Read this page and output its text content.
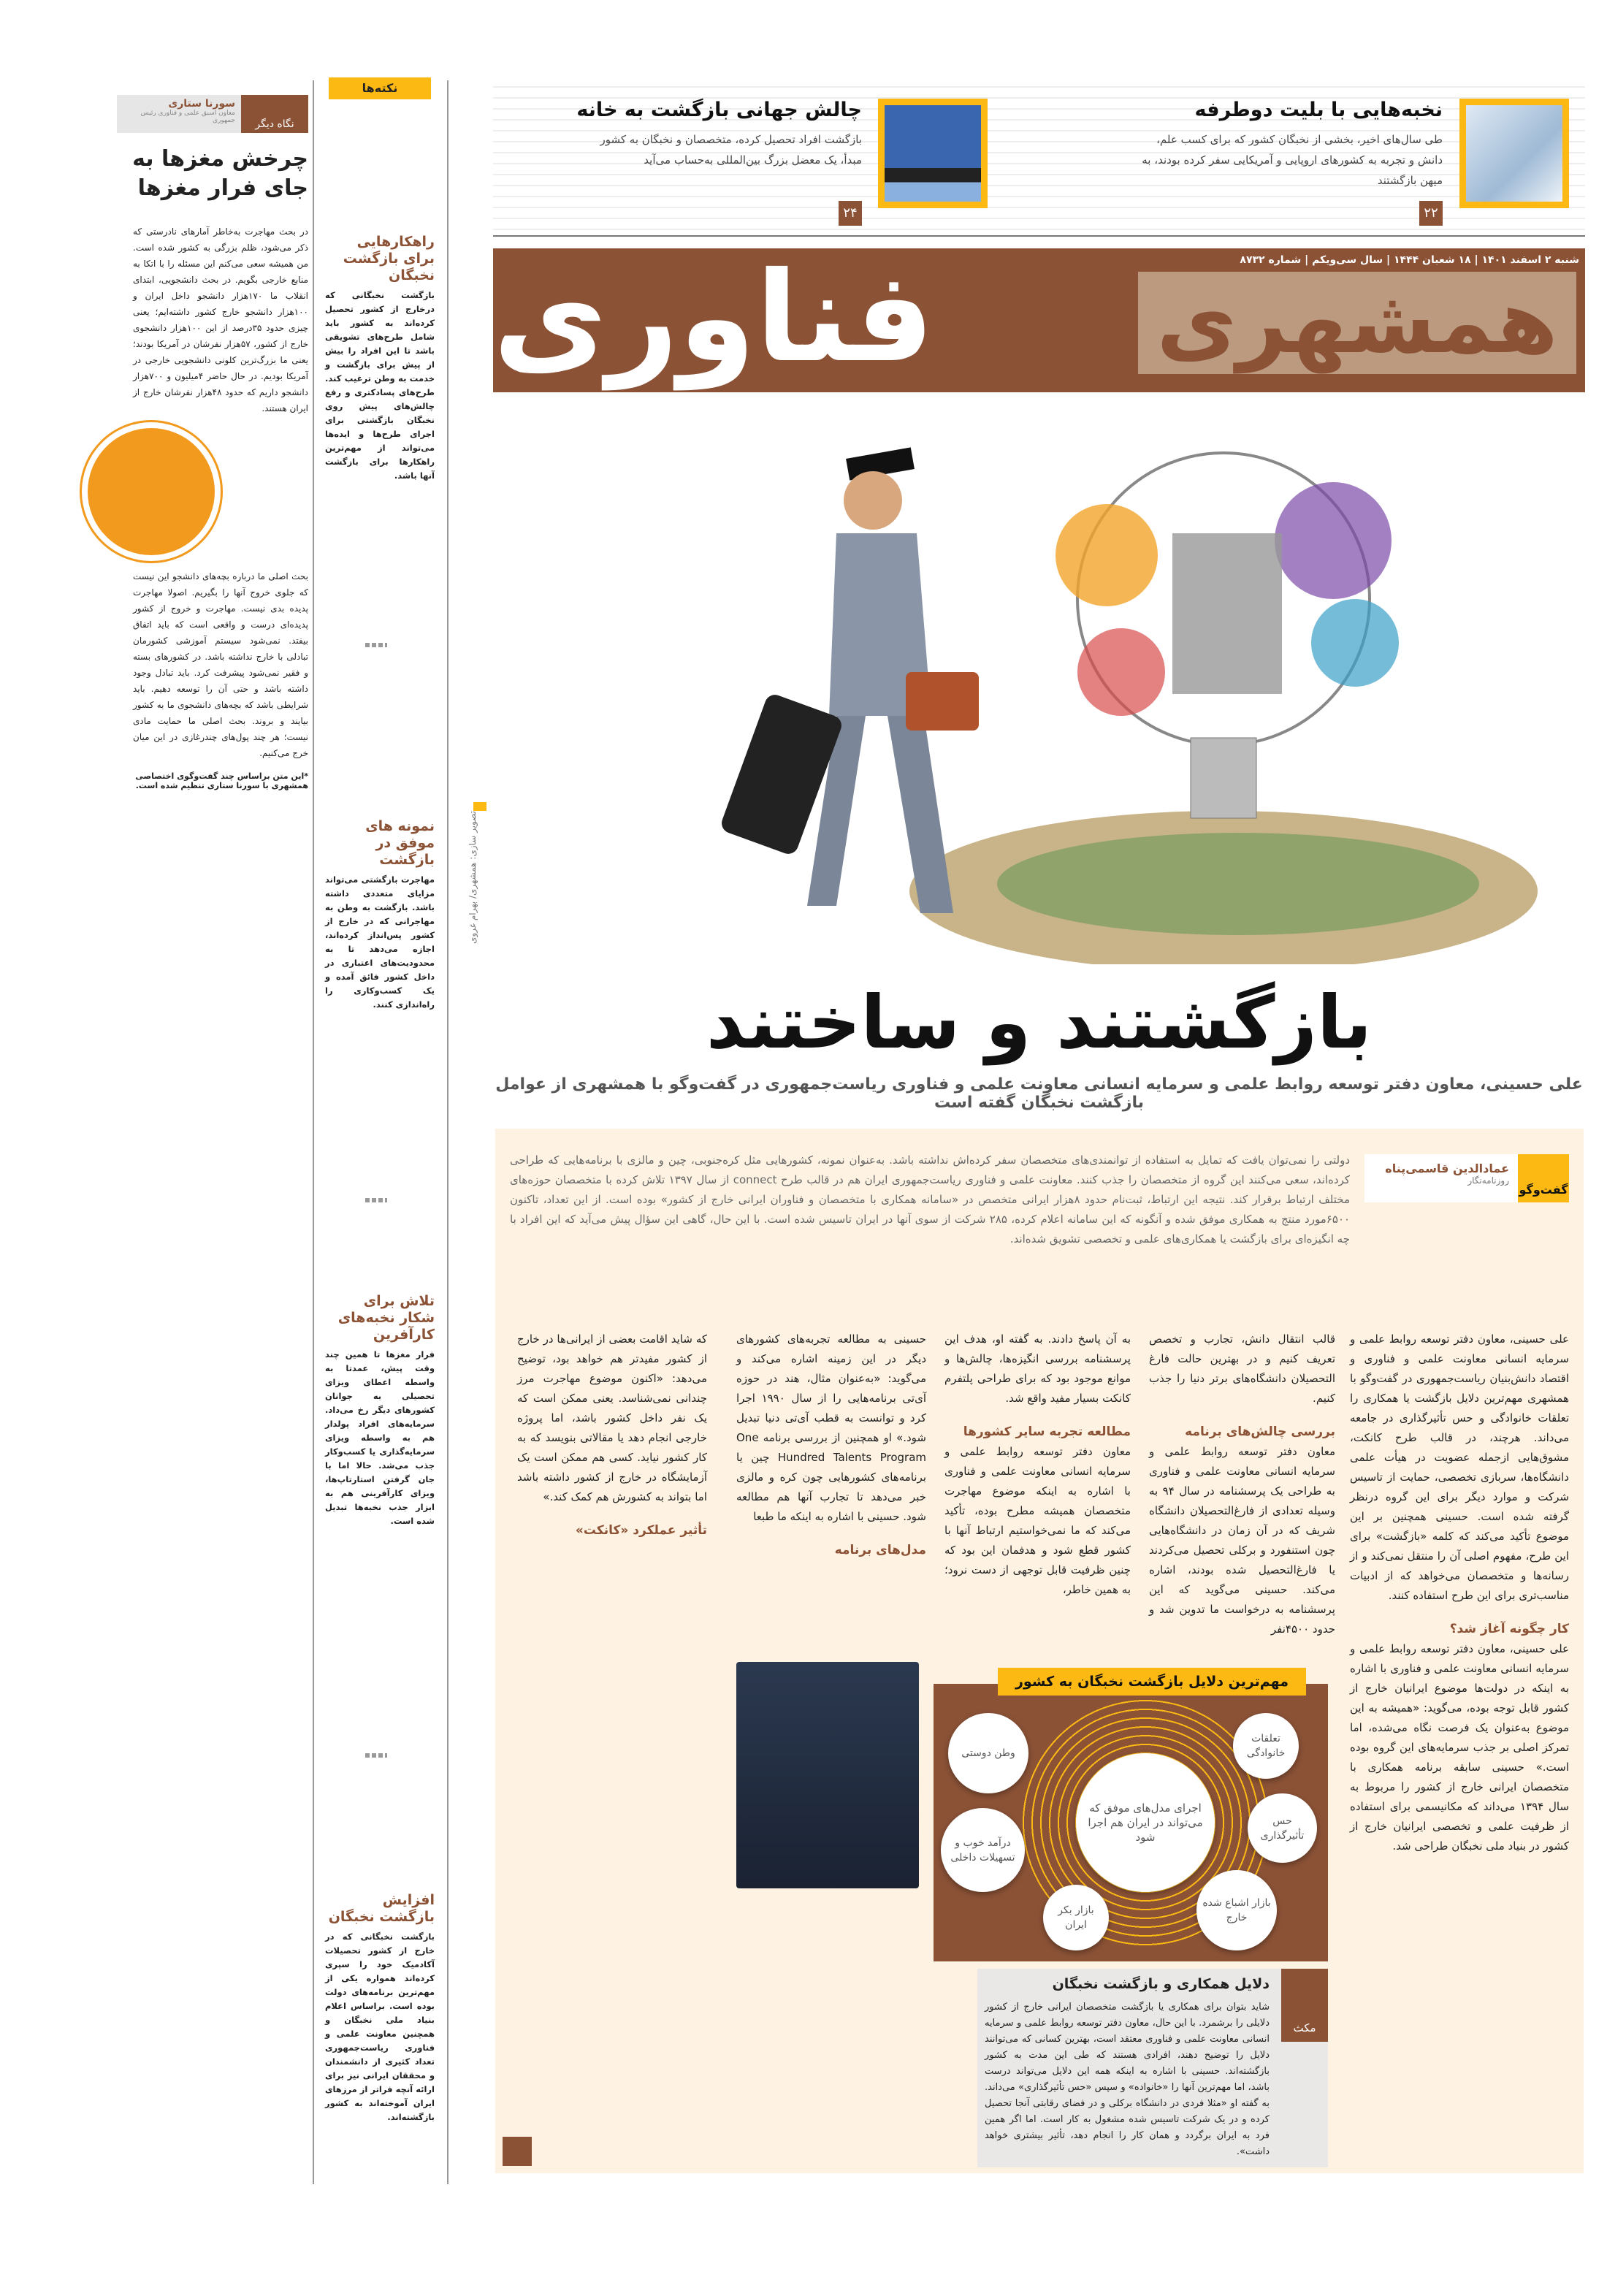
نخبه‌هایی با بلیت دوطرفه
طی سال‌های اخیر، بخشی از نخبگان کشور که برای کسب علم، دانش و تجربه به کشورهای اروپایی و آمریکایی سفر کرده بودند، به میهن بازگشتند
۲۲
چالش جهانی بازگشت به خانه
بازگشت افراد تحصیل کرده، متخصصان و نخبگان به کشور مبدأ، یک معضل بزرگ بین‌المللی به‌حساب می‌آید
۲۴
شنبه ۲ اسفند ۱۴۰۱ | ۱۸ شعبان ۱۴۴۴ | سال سی‌ویکم | شماره ۸۷۳۲
همشهری
فناوری
تصویر سازی: همشهری/ بهرام غروی
بازگشتند و ساختند
علی حسینی، معاون دفتر توسعه روابط علمی و سرمایه انسانی معاونت علمی و فناوری ریاست‌جمهوری در گفت‌وگو با همشهری از عوامل بازگشت نخبگان گفته است
گفت‌وگو
عمادالدین قاسمی‌پناه
روزنامه‌نگار
دولتی را نمی‌توان یافت که تمایل به استفاده از توانمندی‌های متخصصان سفر کرده‌اش نداشته باشد. به‌عنوان نمونه، کشورهایی مثل کره‌جنوبی، چین و مالزی با برنامه‌هایی که طراحی کرده‌اند، سعی می‌کنند این گروه از متخصصان را جذب کنند. معاونت علمی و فناوری ریاست‌جمهوری ایران هم در قالب طرح connect از سال ۱۳۹۷ تلاش کرده با متخصصان حوزه‌های مختلف ارتباط برقرار کند. نتیجه این ارتباط، ثبت‌نام حدود ۸هزار ایرانی متخصص در «سامانه همکاری با متخصصان و فناوران ایرانی خارج از کشور» بوده است. از این تعداد، تاکنون ۶۵۰۰مورد منتج به همکاری موفق شده و آنگونه که این سامانه اعلام کرده، ۲۸۵ شرکت از سوی آنها در ایران تاسیس شده است. با این حال، گاهی این سؤال پیش می‌آید که این افراد با چه انگیزه‌ای برای بازگشت یا همکاری‌های علمی و تخصصی تشویق شده‌اند.

علی حسینی، معاون دفتر توسعه روابط علمی و سرمایه انسانی معاونت علمی و فناوری و اقتصاد دانش‌بنیان ریاست‌جمهوری در گفت‌وگو با همشهری مهم‌ترین دلایل بازگشت یا همکاری را تعلقات خانوادگی و حس تأثیرگذاری در جامعه می‌داند. هرچند، در قالب طرح کانکت، مشوق‌هایی ازجمله عضویت در هیأت علمی دانشگاه‌ها، سربازی تخصصی، حمایت از تاسیس شرکت و موارد دیگر برای این گروه درنظر گرفته شده است. حسینی همچنین بر این موضوع تأکید می‌کند که کلمه «بازگشت» برای این طرح، مفهوم اصلی آن را منتقل نمی‌کند و از رسانه‌ها و متخصصان می‌خواهد که از ادبیات مناسب‌تری برای این طرح استفاده کنند.

کار چگونه آغاز شد؟

علی حسینی، معاون دفتر توسعه روابط علمی و سرمایه انسانی معاونت علمی و فناوری با اشاره به اینکه در دولت‌ها موضوع ایرانیان خارج از کشور قابل توجه بوده، می‌گوید: «همیشه به این موضوع به‌عنوان یک فرصت نگاه می‌شده، اما تمرکز اصلی بر جذب سرمایه‌های این گروه بوده است.» حسینی سابقه برنامه همکاری با متخصصان ایرانی خارج از کشور را مربوط به سال ۱۳۹۴ می‌داند که مکانیسمی برای استفاده از ظرفیت علمی و تخصصی ایرانیان خارج از کشور در بنیاد ملی نخبگان طراحی شد.

قالب انتقال دانش، تجارب و تخصص تعریف کنیم و در بهترین حالت فارغ التحصیلان دانشگاه‌های برتر دنیا را جذب کنیم.

بررسی چالش‌های برنامه

معاون دفتر توسعه روابط علمی و سرمایه انسانی معاونت علمی و فناوری به طراحی یک پرسشنامه در سال ۹۴ به وسیله تعدادی از فارغ‌التحصیلان دانشگاه شریف که در آن زمان در دانشگاه‌هایی چون استنفورد و برکلی تحصیل می‌کردند یا فارغ‌التحصیل شده بودند، اشاره می‌کند. حسینی می‌گوید که این پرسشنامه به درخواست ما تدوین شد و حدود ۴۵۰۰نفر

به آن پاسخ دادند. به گفته او، هدف این پرسشنامه بررسی انگیزه‌ها، چالش‌ها و موانع موجود بود که برای طراحی پلتفرم کانکت بسیار مفید واقع شد.

مطالعه تجربه سایر کشورها

معاون دفتر توسعه روابط علمی و سرمایه انسانی معاونت علمی و فناوری با اشاره به اینکه موضوع مهاجرت متخصصان همیشه مطرح بوده، تأکید می‌کند که ما نمی‌خواستیم ارتباط آنها با کشور قطع شود و هدفمان این بود که چنین ظرفیت قابل توجهی از دست نرود؛ به همین خاطر،

حسینی به مطالعه تجربه‌های کشورهای دیگر در این زمینه اشاره می‌کند و می‌گوید: «به‌عنوان مثال، هند در حوزه آی‌تی برنامه‌هایی را از سال ۱۹۹۰ اجرا کرد و توانست به قطب آی‌تی دنیا تبدیل شود.» او همچنین از بررسی برنامه One Hundred Talents Program چین یا برنامه‌های کشورهایی چون کره و مالزی خبر می‌دهد تا تجارب آنها هم مطالعه شود. حسینی با اشاره به اینکه ما طبعا

مدل‌های برنامه

که شاید اقامت بعضی از ایرانی‌ها در خارج از کشور مفیدتر هم خواهد بود، توضیح می‌دهد: «اکنون موضوع مهاجرت مرز چندانی نمی‌شناسد. یعنی ممکن است که یک نفر داخل کشور باشد، اما پروژه خارجی انجام دهد یا مقالاتی بنویسد که به کار کشور نیاید. کسی هم ممکن است یک آزمایشگاه در خارج از کشور داشته باشد اما بتواند به کشورش هم کمک کند.»

تأثیر عملکرد «کانکت»
مهم‌ترین دلایل بازگشت نخبگان به کشور
اجرای مدل‌های موفق که می‌تواند در ایران هم اجرا شود
وطن دوستی
تعلقات خانوادگی
حس تأثیرگذاری
بازار اشباع شده خارج
بازار بکر ایران
درآمد خوب و تسهیلات داخلی
مکث
دلایل همکاری و بازگشت نخبگان

شاید بتوان برای همکاری یا بازگشت متخصصان ایرانی خارج از کشور دلایلی را برشمرد. با این حال، معاون دفتر توسعه روابط علمی و سرمایه انسانی معاونت علمی و فناوری معتقد است، بهترین کسانی که می‌توانند دلایل را توضیح دهند، افرادی هستند که طی این مدت به کشور بازگشته‌اند. حسینی با اشاره به اینکه همه این دلایل می‌تواند درست باشد، اما مهم‌ترین آنها را «خانواده» و سپس «حس تأثیرگذاری» می‌داند. به گفته او «مثلا فردی در دانشگاه برکلی و در فضای رقابتی آنجا تحصیل کرده و در یک شرکت تاسیس شده مشغول به کار است. اما اگر همین فرد به ایران برگردد و همان کار را انجام دهد، تأثیر بیشتری خواهد داشت».

نکته‌ها
راهکارهایی برای بازگشت نخبگان

بازگشت نخبگانی که درخارج از کشور تحصیل کرده‌اند به کشور باید شامل طرح‌های تشویقی باشد تا این افراد را بیش از پیش برای بازگشت و خدمت به وطن ترغیب کند. طرح‌های پسادکتری و رفع چالش‌های پیش روی نخبگان بازگشتی برای اجرای طرح‌ها و ایده‌ها می‌تواند از مهم‌ترین راهکارها برای بازگشت آنها باشد.

نمونه های موفق در بازگشت

مهاجرت بازگشتی می‌تواند مزایای متعددی داشته باشد. بازگشت به وطن به مهاجرانی که در خارج از کشور پس‌انداز کرده‌اند، اجازه می‌دهد تا به محدودیت‌های اعتباری در داخل کشور فائق آمده و یک کسب‌وکاری را راه‌اندازی کنند.

تلاش برای شکار نخبه‌های کارآفرین

فرار مغزها تا همین چند وقت پیش، عمدتا به واسطه اعطای ویزای تحصیلی به جوانان کشورهای دیگر رخ می‌داد. سرمایه‌های افراد پولدار هم به واسطه ویزای سرمایه‌گذاری یا کسب‌وکار جذب می‌شد. حالا اما با جان گرفتن استارتاپ‌ها، ویزای کارآفرینی هم به ابزار جذب نخبه‌ها تبدیل شده است.

افزایش بازگشت نخبگان

بازگشت نخبگانی که در خارج از کشور تحصیلات آکادمیک خود را سپری کرده‌اند همواره یکی از مهم‌ترین برنامه‌های دولت بوده است. براساس اعلام بنیاد ملی نخبگان و همچنین معاونت علمی و فناوری ریاست‌جمهوری تعداد کثیری از دانشمندان و محققان ایرانی نیز برای ارائه آنچه فراتر از مرزهای ایران آموخته‌اند به کشور بازگشته‌اند.

نگاه دیگر
سورنا ستاری
معاون اسبق علمی و فناوری رئیس جمهوری
چرخش مغزها به جای فرار مغزها

در بحث مهاجرت به‌خاطر آمارهای نادرستی که ذکر می‌شود، ظلم بزرگی به کشور شده است. من همیشه سعی می‌کنم این مسئله را با اتکا به منابع خارجی بگویم. در بحث دانشجویی، ابتدای انقلاب ما ۱۷۰هزار دانشجو داخل ایران و ۱۰۰هزار دانشجو خارج کشور داشته‌ایم؛ یعنی چیزی حدود ۳۵درصد از این ۱۰۰هزار دانشجوی خارج از کشور، ۵۷هزار نفرشان در آمریکا بودند؛ یعنی ما بزرگ‌ترین کلونی دانشجویی خارجی در آمریکا بودیم. در حال حاضر ۴میلیون و ۷۰۰هزار دانشجو داریم که حدود ۴۸هزار نفرشان خارج از ایران هستند.

بحث اصلی ما درباره بچه‌های دانشجو این نیست که جلوی خروج آنها را بگیریم. اصولا مهاجرت پدیده بدی نیست. مهاجرت و خروج از کشور پدیده‌ای درست و واقعی است که باید اتفاق بیفتد. نمی‌شود سیستم آموزشی کشورمان تبادلی با خارج نداشته باشد. در کشورهای بسته و فقیر نمی‌شود پیشرفت کرد. باید تبادل وجود داشته باشد و حتی آن را توسعه دهیم. باید شرایطی باشد که بچه‌های دانشجوی ما به کشور بیایند و بروند. بحث اصلی ما حمایت مادی نیست؛ هر چند پول‌های چندرغازی در این میان خرج می‌کنیم.

*این متن براساس چند گفت‌وگوی اختصاصی همشهری با سورنا ستاری تنظیم شده است.
